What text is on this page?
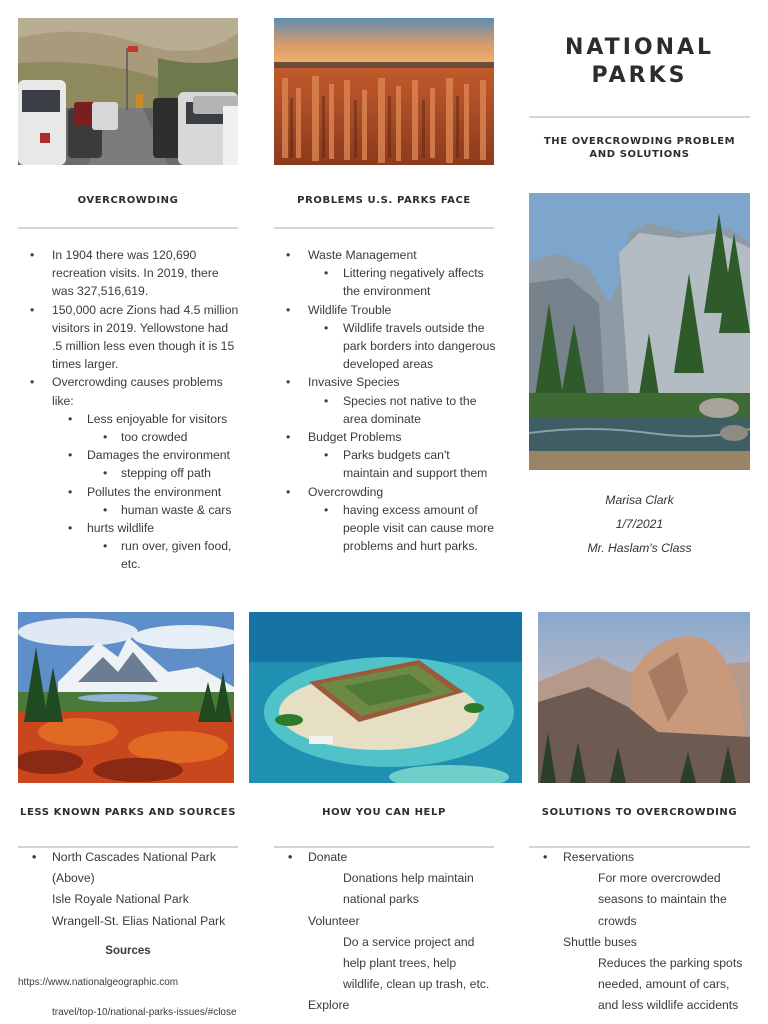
NATIONAL
PARKS
THE OVERCROWDING PROBLEM AND SOLUTIONS
Marisa Clark
1/7/2021
Mr. Haslam's Class
OVERCROWDING	PROBLEMS U.S. PARKS FACE
LESS KNOWN PARKS AND SOURCES	HOW YOU CAN HELP	SOLUTIONS TO OVERCROWDING
• In 1904 there was 120,690 recreation visits. In 2019, there was 327,516,619.
• 150,000 acre Zions had 4.5 million visitors in 2019. Yellowstone had .5 million less even though it is 15 times larger.
• Overcrowding causes problems like:
• Less enjoyable for visitors
• too crowded
• Damages the environment
• stepping off path
• Pollutes the environment
• human waste & cars
• hurts wildlife
• run over, given food, etc.
• Waste Management
• Littering negatively affects the environment
• Wildlife Trouble
• Wildlife travels outside the park borders into dangerous developed areas
• Invasive Species
• Species not native to the area dominate
• Budget Problems
• Parks budgets can't maintain and support them
• Overcrowding
• having excess amount of people visit can cause more problems and hurt parks.
• North Cascades National Park (Above)
• Isle Royale National Park
• Wrangell-St. Elias National Park
Sources
https://www.nationalgeographic.com
travel/top-10/national-parks-issues/#close
• Donate
◦ Donations help maintain national parks
• Volunteer
◦ Do a service project and help plant trees, help wildlife, clean up trash, etc.
• Explore
• Reservations
◦ For more overcrowded seasons to maintain the crowds
• Shuttle buses
◦ Reduces the parking spots needed, amount of cars, and less wildlife accidents
